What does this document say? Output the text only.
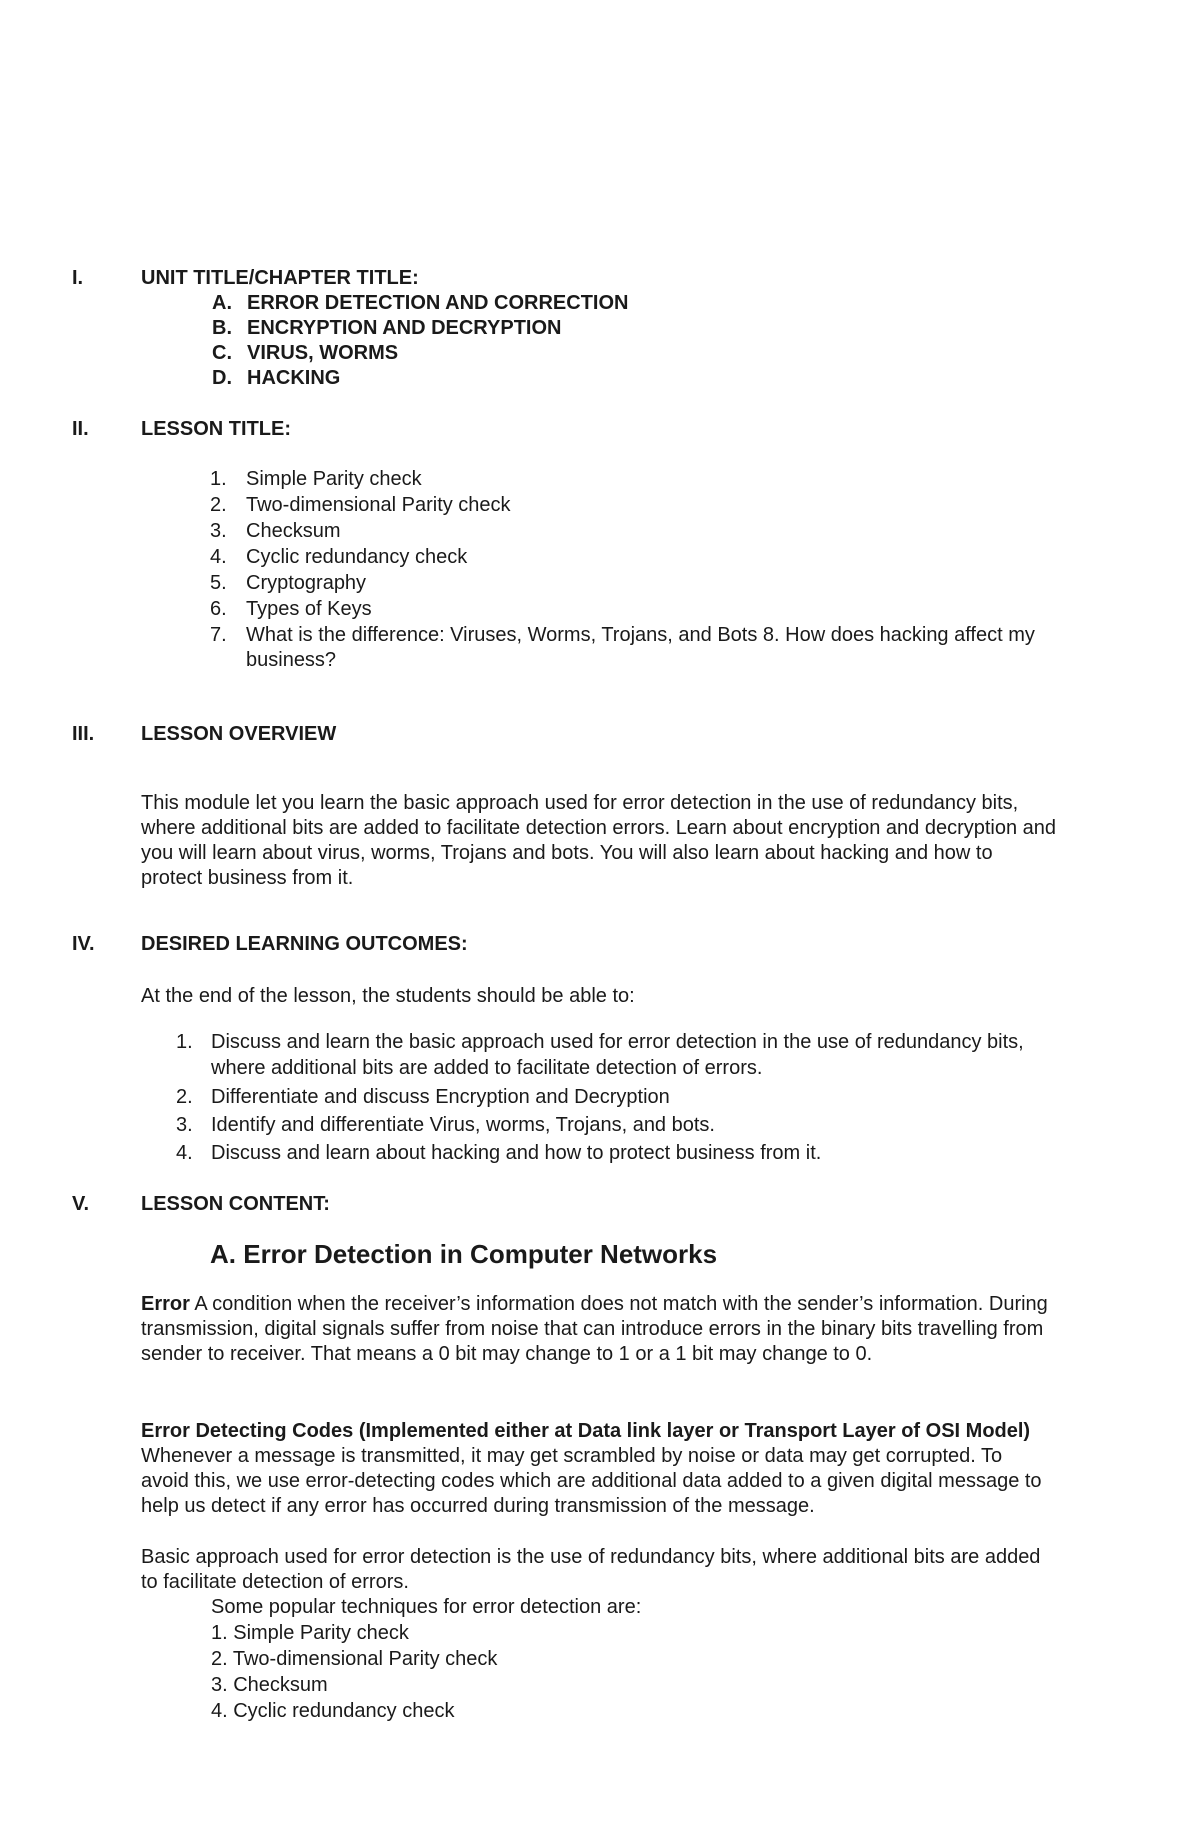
I.	UNIT TITLE/CHAPTER TITLE:
A. ERROR DETECTION AND CORRECTION
B. ENCRYPTION AND DECRYPTION
C. VIRUS, WORMS
D. HACKING
II.	LESSON TITLE:
1. Simple Parity check
2. Two-dimensional Parity check
3. Checksum
4. Cyclic redundancy check
5. Cryptography
6. Types of Keys
7. What is the difference: Viruses, Worms, Trojans, and Bots 8. How does hacking affect my
business?
III. LESSON OVERVIEW
This module let you learn the basic approach used for error detection in the use of redundancy bits,
where additional bits are added to facilitate detection errors. Learn about encryption and decryption and
you will learn about virus, worms, Trojans and bots. You will also learn about hacking and how to
protect business from it.
IV. DESIRED LEARNING OUTCOMES:
At the end of the lesson, the students should be able to:
1. Discuss and learn the basic approach used for error detection in the use of redundancy bits,
where additional bits are added to facilitate detection of errors.
2. Differentiate and discuss Encryption and Decryption
3. Identify and differentiate Virus, worms, Trojans, and bots.
4. Discuss and learn about hacking and how to protect business from it.
V.	LESSON CONTENT:
A. Error Detection in Computer Networks
Error A condition when the receiver’s information does not match with the sender’s information. During
transmission, digital signals suffer from noise that can introduce errors in the binary bits travelling from
sender to receiver. That means a 0 bit may change to 1 or a 1 bit may change to 0.
Error Detecting Codes (Implemented either at Data link layer or Transport Layer of OSI Model)
Whenever a message is transmitted, it may get scrambled by noise or data may get corrupted. To
avoid this, we use error-detecting codes which are additional data added to a given digital message to
help us detect if any error has occurred during transmission of the message.
Basic approach used for error detection is the use of redundancy bits, where additional bits are added
to facilitate detection of errors.
Some popular techniques for error detection are:
1. Simple Parity check
2. Two-dimensional Parity check
3. Checksum
4. Cyclic redundancy check
